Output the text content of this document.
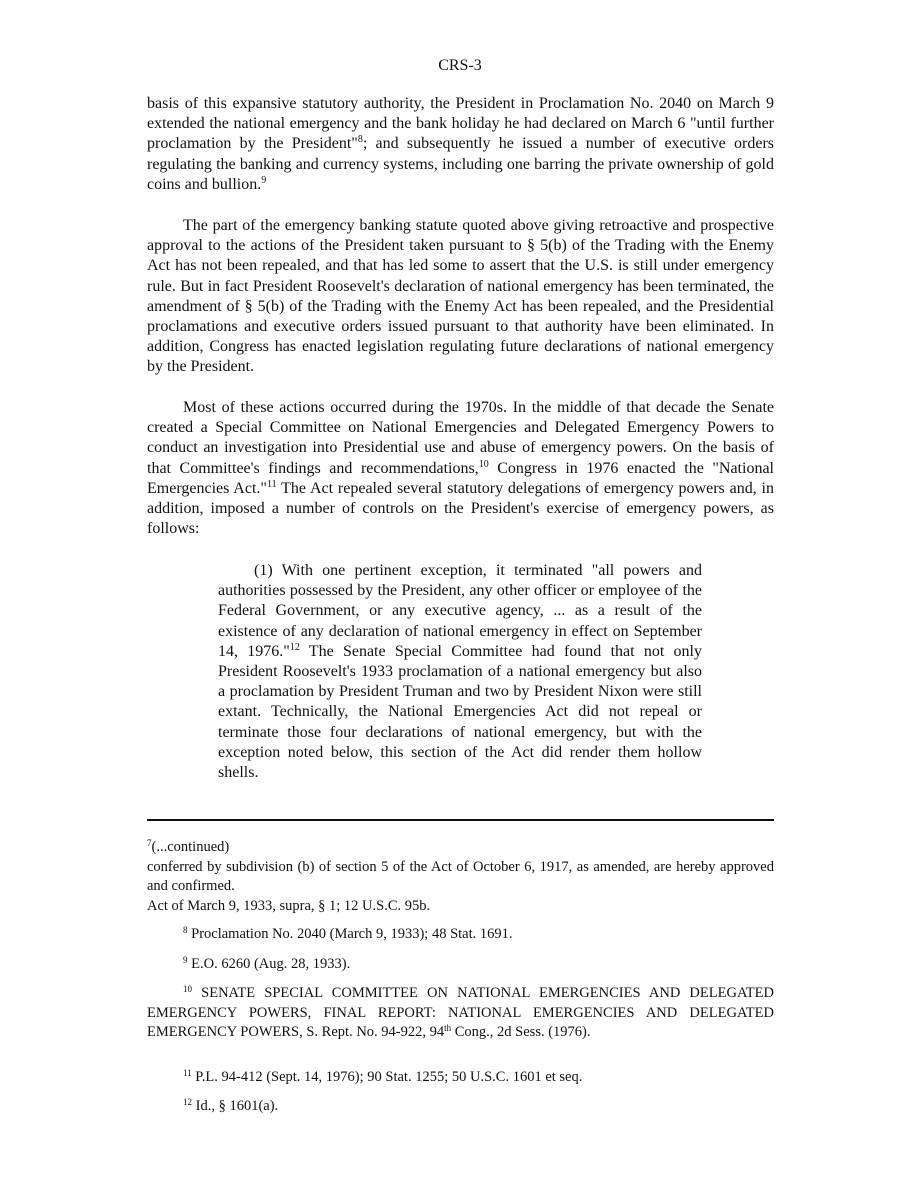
CRS-3

basis of this expansive statutory authority, the President in Proclamation No. 2040 on March 9 extended the national emergency and the bank holiday he had declared on March 6 "until further proclamation by the President"$^8$; and subsequently he issued a number of executive orders regulating the banking and currency systems, including one barring the private ownership of gold coins and bullion.$^9$

The part of the emergency banking statute quoted above giving retroactive and prospective approval to the actions of the President taken pursuant to § 5(b) of the Trading with the Enemy Act has not been repealed, and that has led some to assert that the U.S. is still under emergency rule. But in fact President Roosevelt's declaration of national emergency has been terminated, the amendment of § 5(b) of the Trading with the Enemy Act has been repealed, and the Presidential proclamations and executive orders issued pursuant to that authority have been eliminated. In addition, Congress has enacted legislation regulating future declarations of national emergency by the President.

Most of these actions occurred during the 1970s. In the middle of that decade the Senate created a Special Committee on National Emergencies and Delegated Emergency Powers to conduct an investigation into Presidential use and abuse of emergency powers. On the basis of that Committee's findings and recommendations,$^{10}$ Congress in 1976 enacted the "National Emergencies Act."$^{11}$ The Act repealed several statutory delegations of emergency powers and, in addition, imposed a number of controls on the President's exercise of emergency powers, as follows:

(1) With one pertinent exception, it terminated "all powers and authorities possessed by the President, any other officer or employee of the Federal Government, or any executive agency, ... as a result of the existence of any declaration of national emergency in effect on September 14, 1976."$^{12}$ The Senate Special Committee had found that not only President Roosevelt's 1933 proclamation of a national emergency but also a proclamation by President Truman and two by President Nixon were still extant. Technically, the National Emergencies Act did not repeal or terminate those four declarations of national emergency, but with the exception noted below, this section of the Act did render them hollow shells.

$^7$(...continued)

conferred by subdivision (b) of section 5 of the Act of October 6, 1917, as amended, are hereby approved and confirmed.

Act of March 9, 1933, supra, § 1; 12 U.S.C. 95b.

$^8$ Proclamation No. 2040 (March 9, 1933); 48 Stat. 1691.

$^9$ E.O. 6260 (Aug. 28, 1933).

$^{10}$ SENATE SPECIAL COMMITTEE ON NATIONAL EMERGENCIES AND DELEGATED EMERGENCY POWERS, FINAL REPORT: NATIONAL EMERGENCIES AND DELEGATED EMERGENCY POWERS, S. Rept. No. 94-922, 94th Cong., 2d Sess. (1976).

$^{11}$ P.L. 94-412 (Sept. 14, 1976); 90 Stat. 1255; 50 U.S.C. 1601 et seq.

$^{12}$ Id., § 1601(a).
